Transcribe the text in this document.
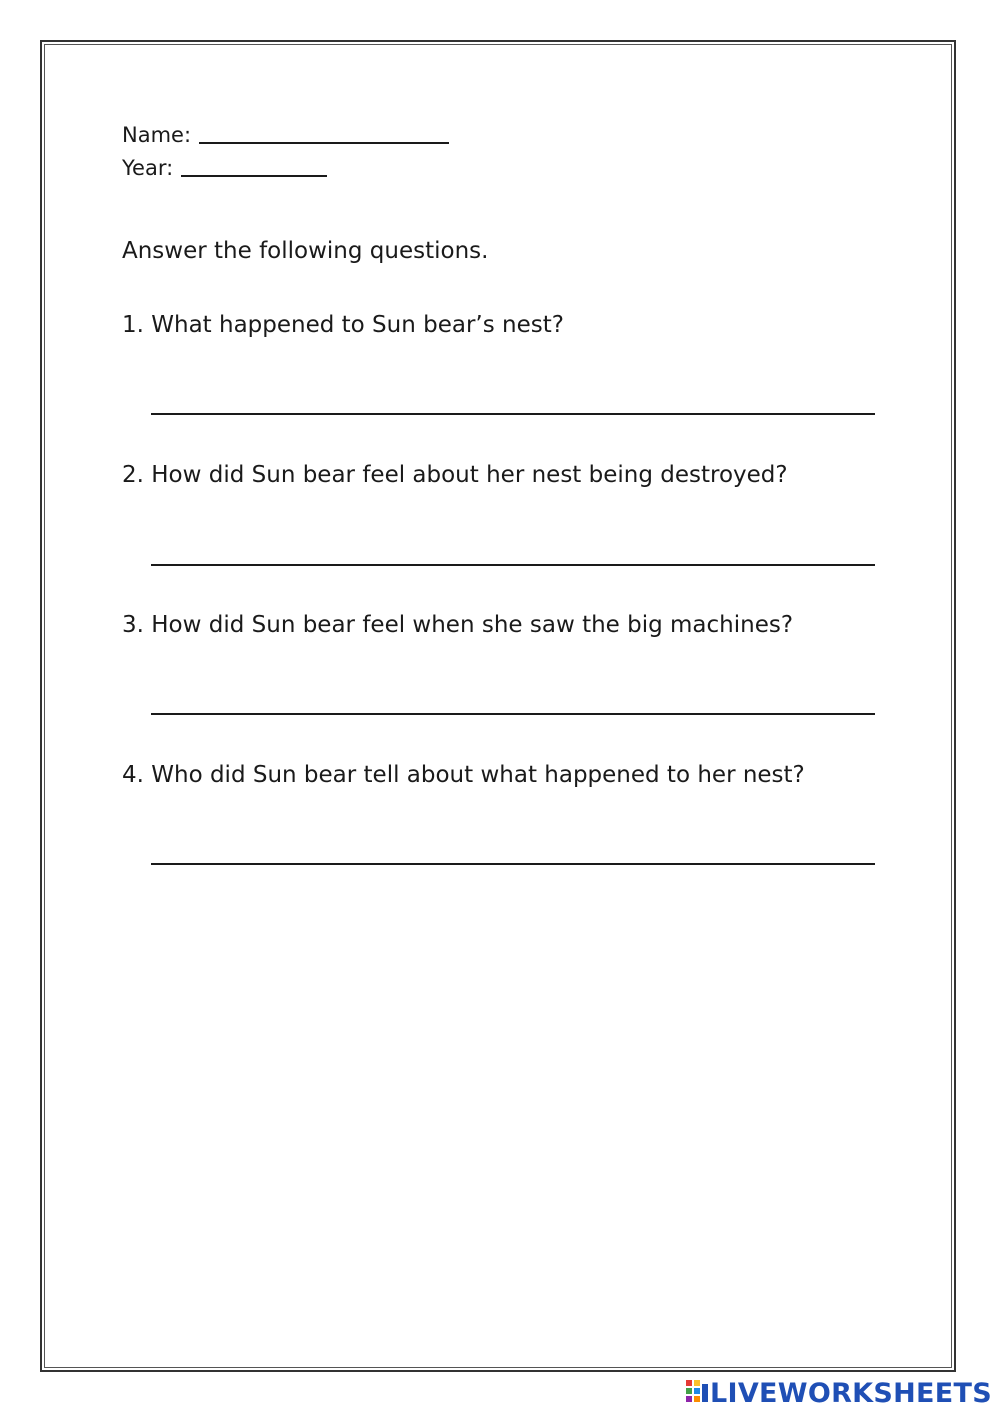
Name:
Year:
Answer the following questions.
1. What happened to Sun bear’s nest?
2. How did Sun bear feel about her nest being destroyed?
3. How did Sun bear feel when she saw the big machines?
4. Who did Sun bear tell about what happened to her nest?
LIVEWORKSHEETS
